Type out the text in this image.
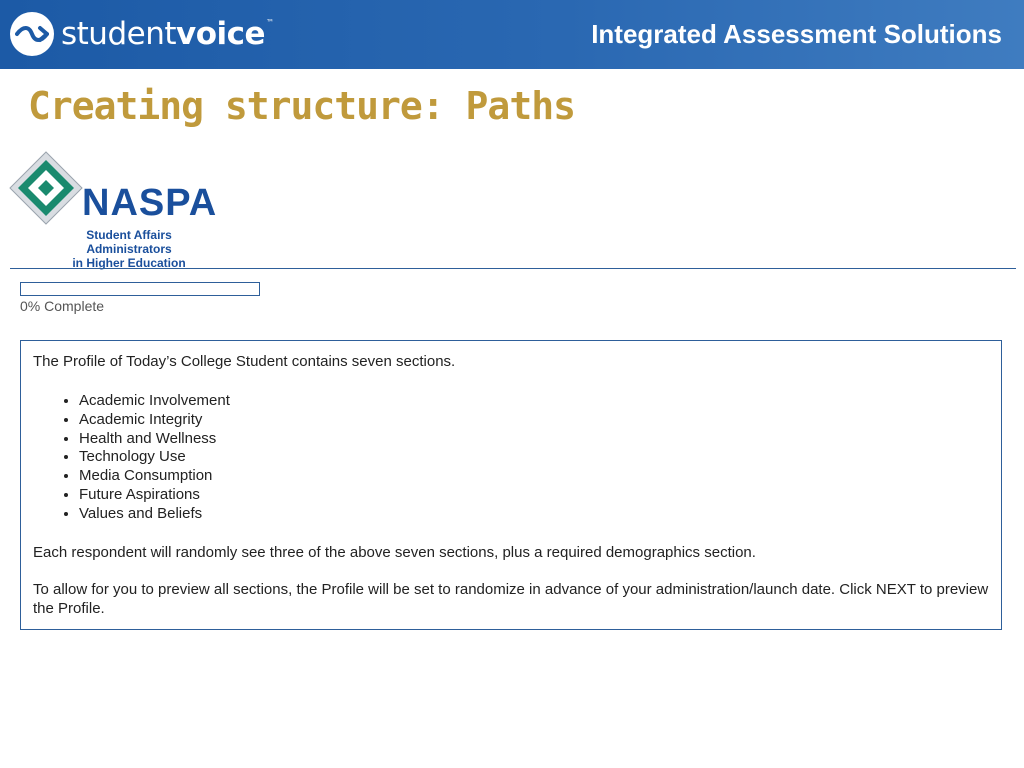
studentvoice™	Integrated Assessment Solutions
Creating structure: Paths
NASPA
Student Affairs Administrators
in Higher Education
0% Complete

The Profile of Today’s College Student contains seven sections.

• Academic Involvement
• Academic Integrity
• Health and Wellness
• Technology Use
• Media Consumption
• Future Aspirations
• Values and Beliefs

Each respondent will randomly see three of the above seven sections, plus a required demographics section.

To allow for you to preview all sections, the Profile will be set to randomize in advance of your administration/launch date. Click NEXT to preview the Profile.
